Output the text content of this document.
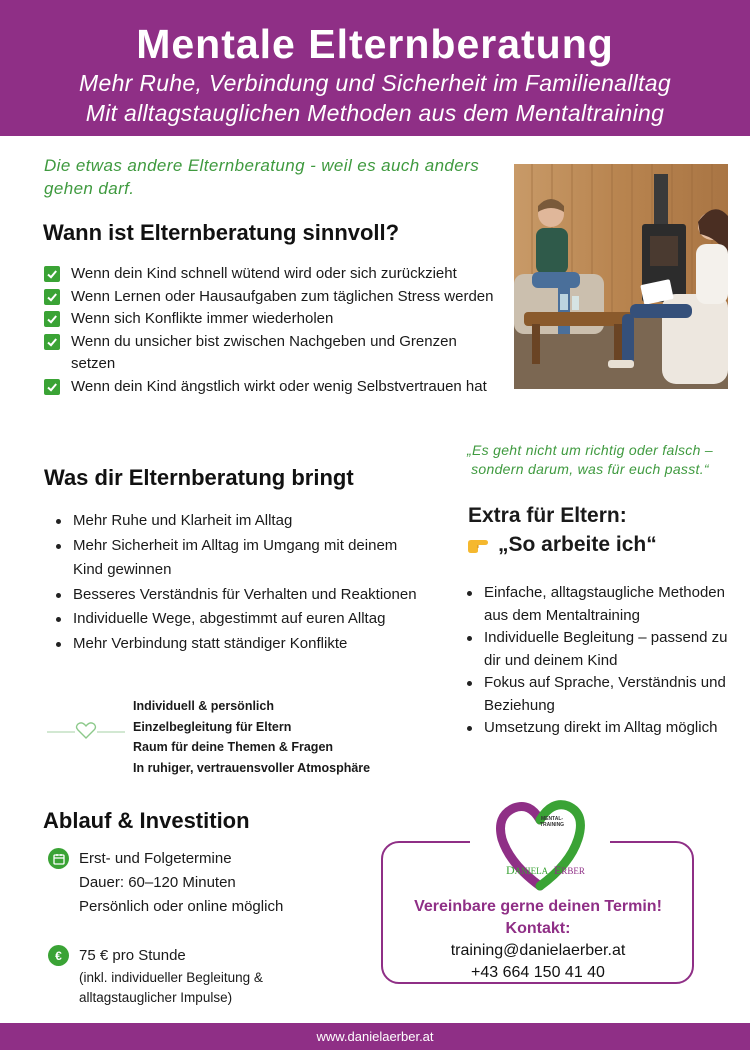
Mentale Elternberatung
Mehr Ruhe, Verbindung und Sicherheit im Familienalltag
Mit alltagstauglichen Methoden aus dem Mentaltraining
Die etwas andere Elternberatung - weil es auch anders gehen darf.
Wann ist Elternberatung sinnvoll?
Wenn dein Kind schnell wütend wird oder sich zurückzieht
Wenn Lernen oder Hausaufgaben zum täglichen Stress werden
Wenn sich Konflikte immer wiederholen
Wenn du unsicher bist zwischen Nachgeben und Grenzen setzen
Wenn dein Kind ängstlich wirkt oder wenig Selbstvertrauen hat
„Es geht nicht um richtig oder falsch – sondern darum, was für euch passt.“
Was dir Elternberatung bringt
Mehr Ruhe und Klarheit im Alltag
Mehr Sicherheit im Alltag im Umgang mit deinem Kind gewinnen
Besseres Verständnis für Verhalten und Reaktionen
Individuelle Wege, abgestimmt auf euren Alltag
Mehr Verbindung statt ständiger Konflikte
Extra für Eltern:
„So arbeite ich“
Einfache, alltagstaugliche Methoden aus dem Mentaltraining
Individuelle Begleitung – passend zu dir und deinem Kind
Fokus auf Sprache, Verständnis und Beziehung
Umsetzung direkt im Alltag möglich
Individuell & persönlich
Einzelbegleitung für Eltern
Raum für deine Themen & Fragen
In ruhiger, vertrauensvoller Atmosphäre
Ablauf & Investition
Erst- und Folgetermine
Dauer: 60–120 Minuten
Persönlich oder online möglich
€	75 € pro Stunde
(inkl. individueller Begleitung &
alltagstauglicher Impulse)
MENTAL-
TRAINING
DANIELA ERBER
Vereinbare gerne deinen Termin!
Kontakt:
training@danielaerber.at
+43 664 150 41 40
www.danielaerber.at
